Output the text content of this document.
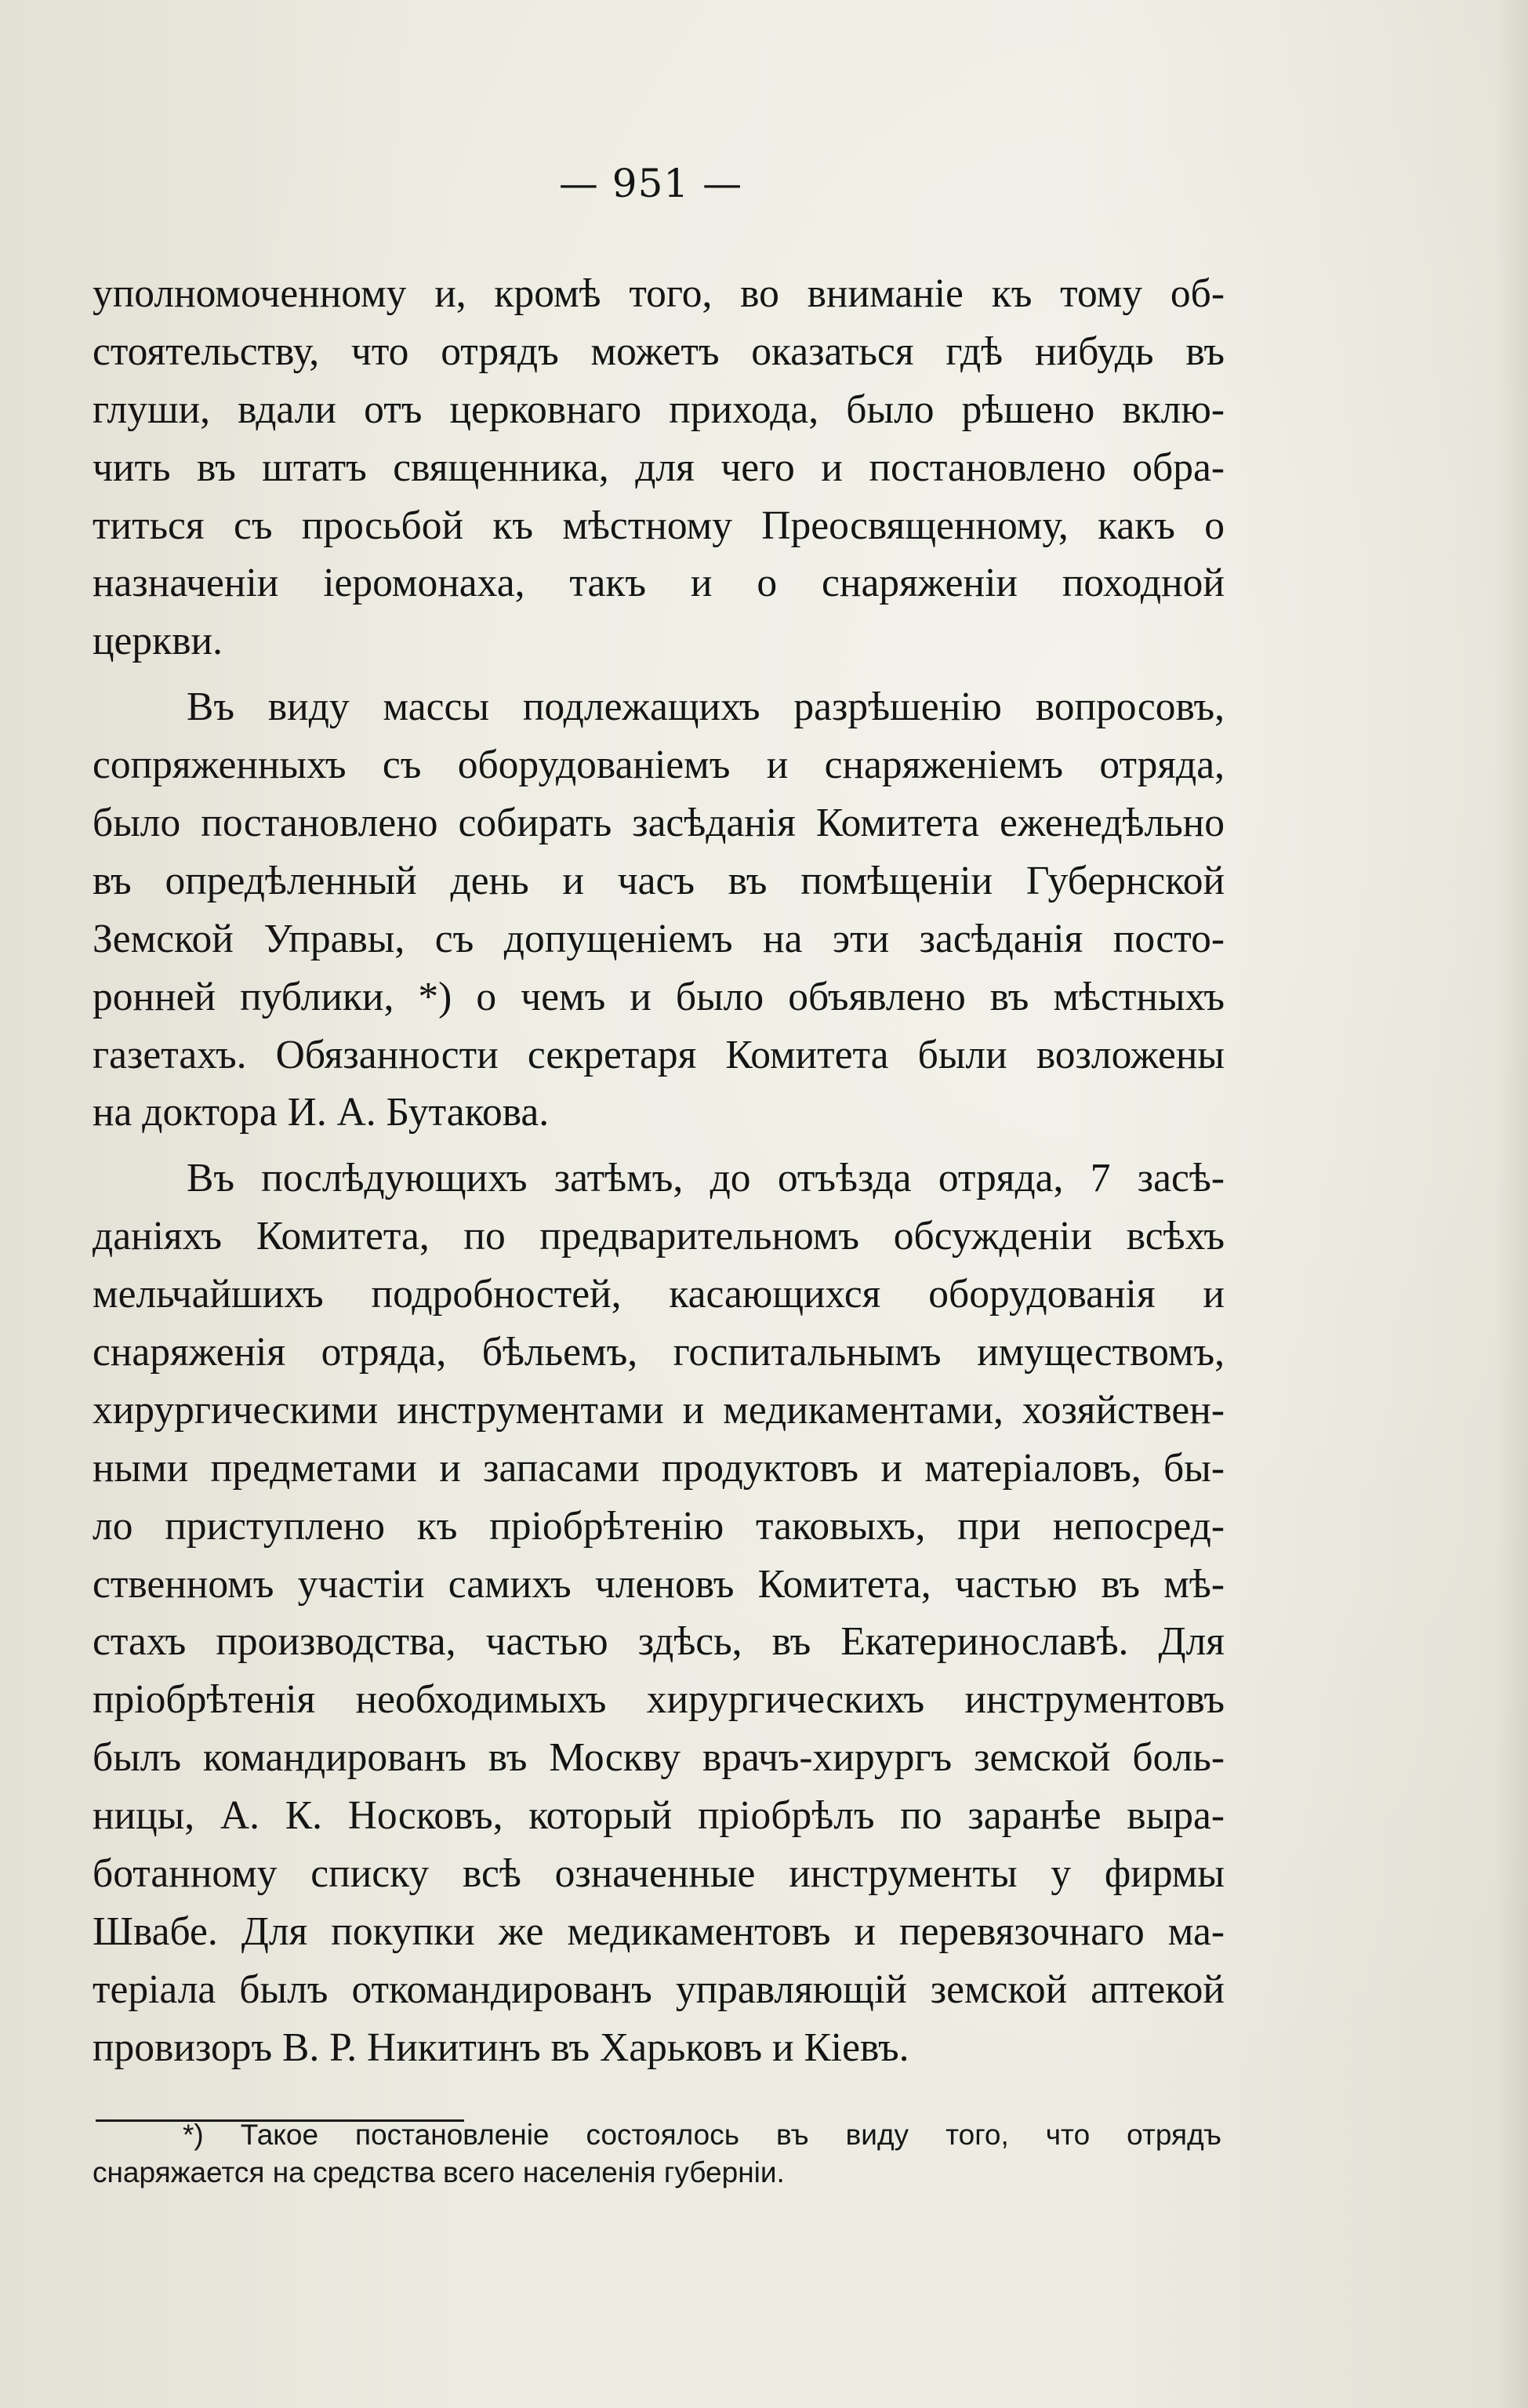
— 951 —
уполномоченному и, кромѣ того, во вниманіе къ тому об-
стоятельству, что отрядъ можетъ оказаться гдѣ нибудь въ
глуши, вдали отъ церковнаго прихода, было рѣшено вклю-
чить въ штатъ священника, для чего и постановлено обра-
титься съ просьбой къ мѣстному Преосвященному, какъ о
назначеніи іеромонаха, такъ и о снаряженіи походной
церкви.
Въ виду массы подлежащихъ разрѣшенію вопросовъ,
сопряженныхъ съ оборудованіемъ и снаряженіемъ отряда,
было постановлено собирать засѣданія Комитета еженедѣльно
въ опредѣленный день и часъ въ помѣщеніи Губернской
Земской Управы, съ допущеніемъ на эти засѣданія посто-
ронней публики, *) о чемъ и было объявлено въ мѣстныхъ
газетахъ. Обязанности секретаря Комитета были возложены
на доктора И. А. Бутакова.
Въ послѣдующихъ затѣмъ, до отъѣзда отряда, 7 засѣ-
даніяхъ Комитета, по предварительномъ обсужденіи всѣхъ
мельчайшихъ подробностей, касающихся оборудованія и
снаряженія отряда, бѣльемъ, госпитальнымъ имуществомъ,
хирургическими инструментами и медикаментами, хозяйствен-
ными предметами и запасами продуктовъ и матеріаловъ, бы-
ло приступлено къ пріобрѣтенію таковыхъ, при непосред-
ственномъ участіи самихъ членовъ Комитета, частью въ мѣ-
стахъ производства, частью здѣсь, въ Екатеринославѣ. Для
пріобрѣтенія необходимыхъ хирургическихъ инструментовъ
былъ командированъ въ Москву врачъ-хирургъ земской боль-
ницы, А. К. Носковъ, который пріобрѣлъ по заранѣе выра-
ботанному списку всѣ означенные инструменты у фирмы
Швабе. Для покупки же медикаментовъ и перевязочнаго ма-
теріала былъ откомандированъ управляющій земской аптекой
провизоръ В. Р. Никитинъ въ Харьковъ и Кіевъ.
*) Такое постановленіе состоялось въ виду того, что отрядъ
снаряжается на средства всего населенія губерніи.
